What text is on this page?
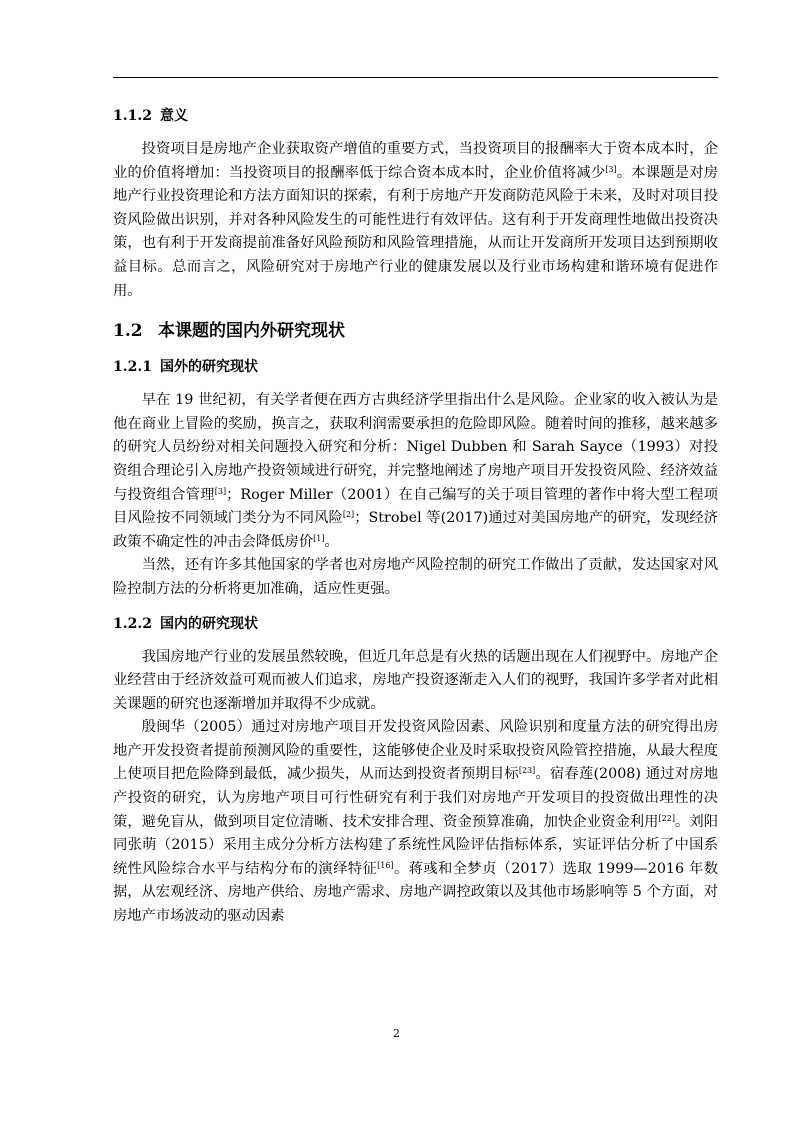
1.1.2 意义

投资项目是房地产企业获取资产增值的重要方式，当投资项目的报酬率大于资本成本时，企业的价值将增加：当投资项目的报酬率低于综合资本成本时，企业价值将减少[3]。本课题是对房地产行业投资理论和方法方面知识的探索，有利于房地产开发商防范风险于未来，及时对项目投资风险做出识别，并对各种风险发生的可能性进行有效评估。这有利于开发商理性地做出投资决策，也有利于开发商提前准备好风险预防和风险管理措施，从而让开发商所开发项目达到预期收益目标。总而言之，风险研究对于房地产行业的健康发展以及行业市场构建和谐环境有促进作用。

1.2 本课题的国内外研究现状
1.2.1 国外的研究现状

早在 19 世纪初，有关学者便在西方古典经济学里指出什么是风险。企业家的收入被认为是他在商业上冒险的奖励，换言之，获取利润需要承担的危险即风险。随着时间的推移，越来越多的研究人员纷纷对相关问题投入研究和分析：Nigel Dubben 和 Sarah Sayce（1993）对投资组合理论引入房地产投资领域进行研究，并完整地阐述了房地产项目开发投资风险、经济效益与投资组合管理[3]；Roger Miller（2001）在自己编写的关于项目管理的著作中将大型工程项目风险按不同领域门类分为不同风险[2]；Strobel 等(2017)通过对美国房地产的研究，发现经济政策不确定性的冲击会降低房价[1]。

当然，还有许多其他国家的学者也对房地产风险控制的研究工作做出了贡献，发达国家对风险控制方法的分析将更加准确，适应性更强。

1.2.2 国内的研究现状

我国房地产行业的发展虽然较晚，但近几年总是有火热的话题出现在人们视野中。房地产企业经营由于经济效益可观而被人们追求，房地产投资逐渐走入人们的视野，我国许多学者对此相关课题的研究也逐渐增加并取得不少成就。

殷闽华（2005）通过对房地产项目开发投资风险因素、风险识别和度量方法的研究得出房地产开发投资者提前预测风险的重要性，这能够使企业及时采取投资风险管控措施，从最大程度上使项目把危险降到最低，减少损失，从而达到投资者预期目标[23]。宿春莲(2008) 通过对房地产投资的研究，认为房地产项目可行性研究有利于我们对房地产开发项目的投资做出理性的决策，避免盲从，做到项目定位清晰、技术安排合理、资金预算准确，加快企业资金利用[22]。刘阳同张萌（2015）采用主成分分析方法构建了系统性风险评估指标体系，实证评估分析了中国系统性风险综合水平与结构分布的演绎特征[16]。蒋彧和全梦贞（2017）选取 1999—2016 年数据，从宏观经济、房地产供给、房地产需求、房地产调控政策以及其他市场影响等 5 个方面，对房地产市场波动的驱动因素

2
